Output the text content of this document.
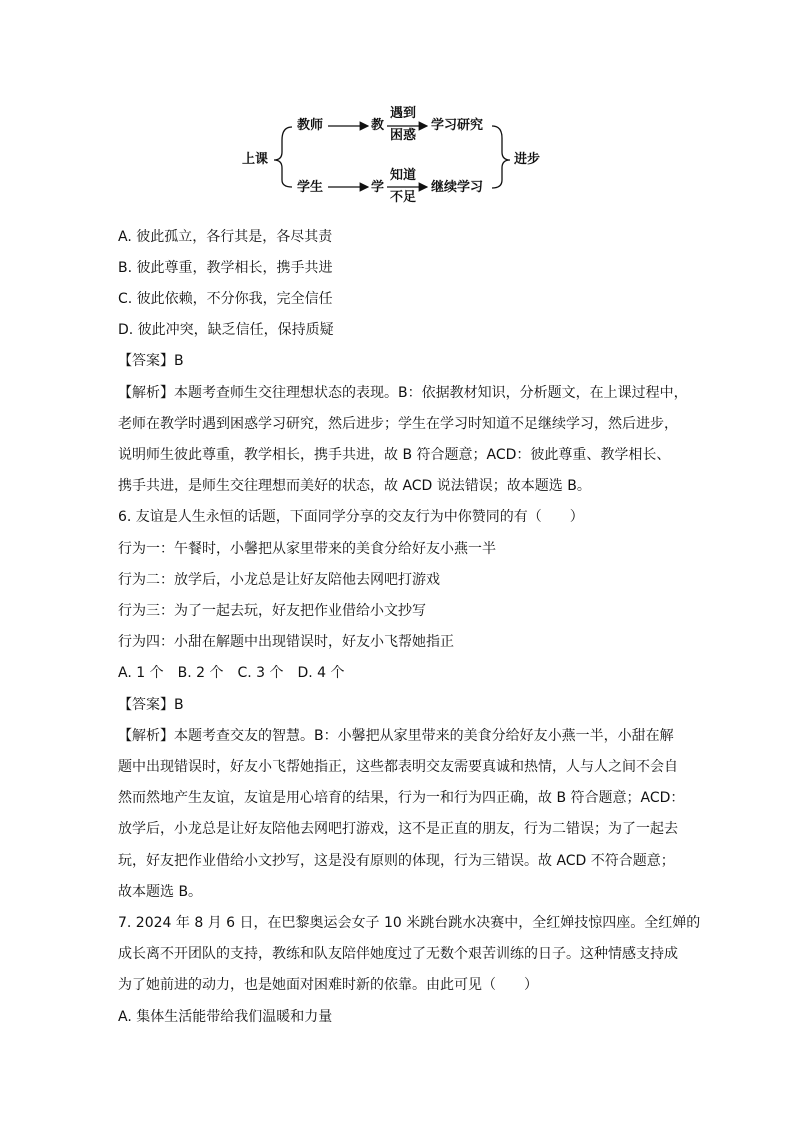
上课
教师	教
遇到
困惑
学习研究
学生	学
知道
不足
继续学习
进步
A. 彼此孤立，各行其是，各尽其责
B. 彼此尊重，教学相长，携手共进
C. 彼此依赖，不分你我，完全信任
D. 彼此冲突，缺乏信任，保持质疑
【答案】B
【解析】本题考查师生交往理想状态的表现。B：依据教材知识，分析题文，在上课过程中，
老师在教学时遇到困惑学习研究，然后进步；学生在学习时知道不足继续学习，然后进步，
说明师生彼此尊重，教学相长，携手共进，故 B 符合题意；ACD：彼此尊重、教学相长、
携手共进，是师生交往理想而美好的状态，故 ACD 说法错误；故本题选 B。
6. 友谊是人生永恒的话题，下面同学分享的交友行为中你赞同的有（　　）
行为一：午餐时，小馨把从家里带来的美食分给好友小燕一半
行为二：放学后，小龙总是让好友陪他去网吧打游戏
行为三：为了一起去玩，好友把作业借给小文抄写
行为四：小甜在解题中出现错误时，好友小飞帮她指正
A. 1 个　B. 2 个　C. 3 个　D. 4 个
【答案】B
【解析】本题考查交友的智慧。B：小馨把从家里带来的美食分给好友小燕一半，小甜在解
题中出现错误时，好友小飞帮她指正，这些都表明交友需要真诚和热情，人与人之间不会自
然而然地产生友谊，友谊是用心培育的结果，行为一和行为四正确，故 B 符合题意；ACD：
放学后，小龙总是让好友陪他去网吧打游戏，这不是正直的朋友，行为二错误；为了一起去
玩，好友把作业借给小文抄写，这是没有原则的体现，行为三错误。故 ACD 不符合题意；
故本题选 B。
7. 2024 年 8 月 6 日，在巴黎奥运会女子 10 米跳台跳水决赛中，全红婵技惊四座。全红婵的
成长离不开团队的支持，教练和队友陪伴她度过了无数个艰苦训练的日子。这种情感支持成
为了她前进的动力，也是她面对困难时新的依靠。由此可见（　　）
A. 集体生活能带给我们温暖和力量
